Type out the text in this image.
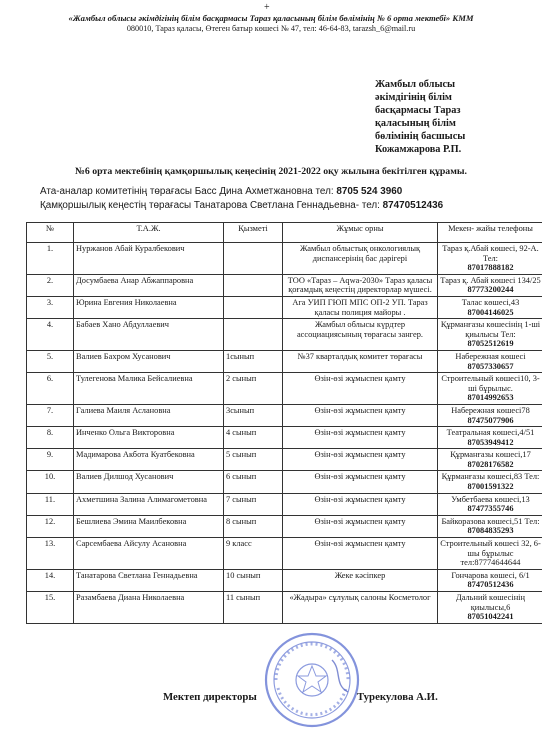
+
«Жамбыл облысы әкімдігінің білім басқармасы Тараз қаласының білім бөлімінің № 6 орта мектебі» КММ
080010, Тараз қаласы, Өтеген батыр көшесі № 47, тел: 46-64-83, tarazsh_6@mail.ru
Жамбыл облысы
әкімдігінің білім
басқармасы Тараз
қаласының білім
бөлімінің басшысы
Кожамжарова Р.П.
№6 орта мектебінің қамқоршылық кеңесінің 2021-2022 оқу жылына бекітілген құрамы.
Ата-аналар комитетінің төрағасы Басс Дина Ахметжановна тел: 8705 524 3960
Қамқоршылық кеңестің төрағасы Танатарова Светлана Геннадьевна- тел: 87470512436
№	Т.А.Ж.	Қызметі	Жұмыс орны	Мекен- жайы телефоны
1.	Нуржанов Абай Куралбекович		Жамбыл облыстық онкологиялық диспансерінің бас дәрігері	Тараз қ.Абай көшесі, 92-А. Тел:
87017888182

2.	Досумбаева Анар Абжаппаровна		ТОО «Тараз – Аqwa-2030» Тараз қаласы қоғамдық кеңестің директорлар мүшесі.	Тараз қ. Абай көшесі 134/25
87773200244

3.	Юрина Евгения Николаевна		Ага УИП ГЮП МПС ОП-2 УП. Тараз қаласы полиция майоры .	Талас көшесі,43
87004146025

4.	Бабаев Хано Абдуллаевич		Жамбыл облысы күрдтер ассоциациясының төрағасы зангер.	Құрманғазы көшесінің 1-ші қиылысы Тел:
87052512619

5.	Валиев Бахром Хусанович	1сынып	№37 кварталдық комитет төрағасы	Набережная көшесі
87057330657

6.	Тулегенова Малика Бейсалиевна	2 сынып	Өзін-өзі жұмыспен қамту	Строительный көшесі10, 3-ші бұрылыс.
87014992653

7.	Галиева Маиля Аслановна	3сынып	Өзін-өзі жұмыспен қамту	Набережная көшесі78
87475077906

8.	Инченко Ольга Викторовна	4 сынып	Өзін-өзі жұмыспен қамту	Театральная көшесі,4/51
87053949412

9.	Мадимарова Акбота Куатбековна	5 сынып	Өзін-өзі жұмыспен қамту	Құрманғазы көшесі,17
87028176582

10.	Валиев Дилшод Хусанович	6 сынып	Өзін-өзі жұмыспен қамту	Құрманғазы көшесі,83 Тел:
87001591322

11.	Ахметшина Залина Алимагометовна	7 сынып	Өзін-өзі жұмыспен қамту	Умбетбаева көшесі,13
87477355746

12.	Бешлиева Эмина Маилбековна	8 сынып	Өзін-өзі жұмыспен қамту	Байкоразова көшесі,51 Тел:
87084835293

13.	Сарсембаева Айсулу Асановна	9 класс	Өзін-өзі жұмыспен қамту	Строительный көшесі 32, 6-шы бұрылыс тел:87774644644

14.	Танатарова Светлана Геннадьевна	10 сынып	Жеке кәсіпкер	Гончарова көшесі, 6/1
87470512436

15.	Разамбаева Диана Николаевна	11 сынып	«Жадыра» сұлулық салоны Косметолог	Дальний көшесінің қиылысы,6
87051042241
Мектеп директоры	Турекулова А.И.
